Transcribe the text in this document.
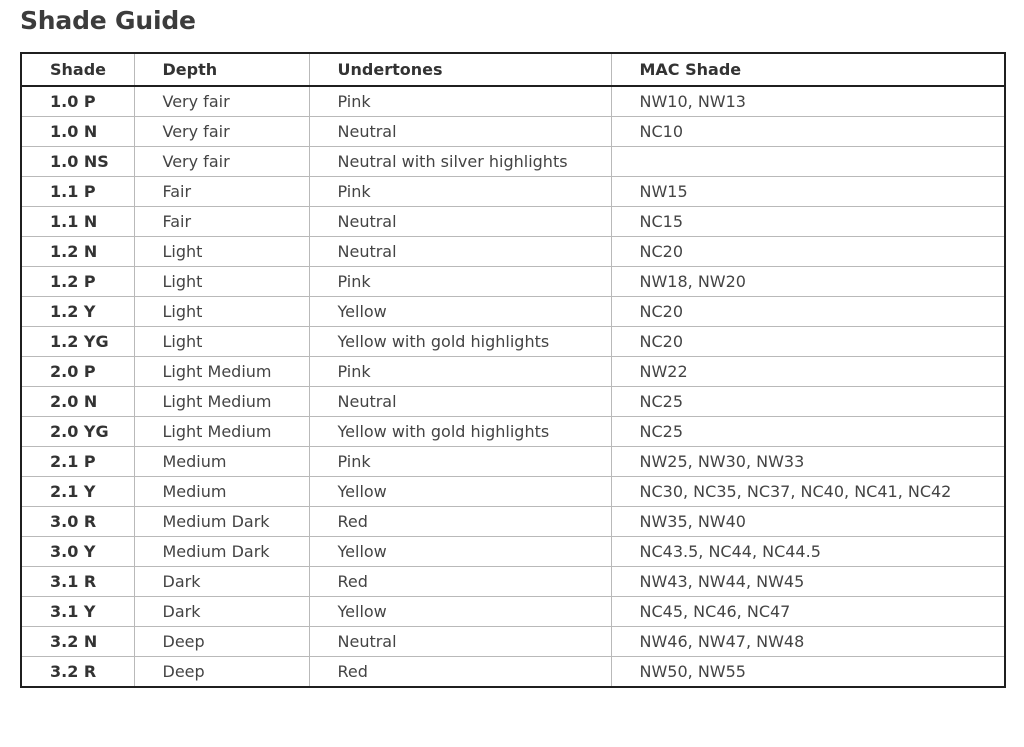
Shade Guide
Shade	Depth	Undertones	MAC Shade
1.0 P	Very fair	Pink	NW10, NW13
1.0 N	Very fair	Neutral	NC10
1.0 NS	Very fair	Neutral with silver highlights	
1.1 P	Fair	Pink	NW15
1.1 N	Fair	Neutral	NC15
1.2 N	Light	Neutral	NC20
1.2 P	Light	Pink	NW18, NW20
1.2 Y	Light	Yellow	NC20
1.2 YG	Light	Yellow with gold highlights	NC20
2.0 P	Light Medium	Pink	NW22
2.0 N	Light Medium	Neutral	NC25
2.0 YG	Light Medium	Yellow with gold highlights	NC25
2.1 P	Medium	Pink	NW25, NW30, NW33
2.1 Y	Medium	Yellow	NC30, NC35, NC37, NC40, NC41, NC42
3.0 R	Medium Dark	Red	NW35, NW40
3.0 Y	Medium Dark	Yellow	NC43.5, NC44, NC44.5
3.1 R	Dark	Red	NW43, NW44, NW45
3.1 Y	Dark	Yellow	NC45, NC46, NC47
3.2 N	Deep	Neutral	NW46, NW47, NW48
3.2 R	Deep	Red	NW50, NW55
